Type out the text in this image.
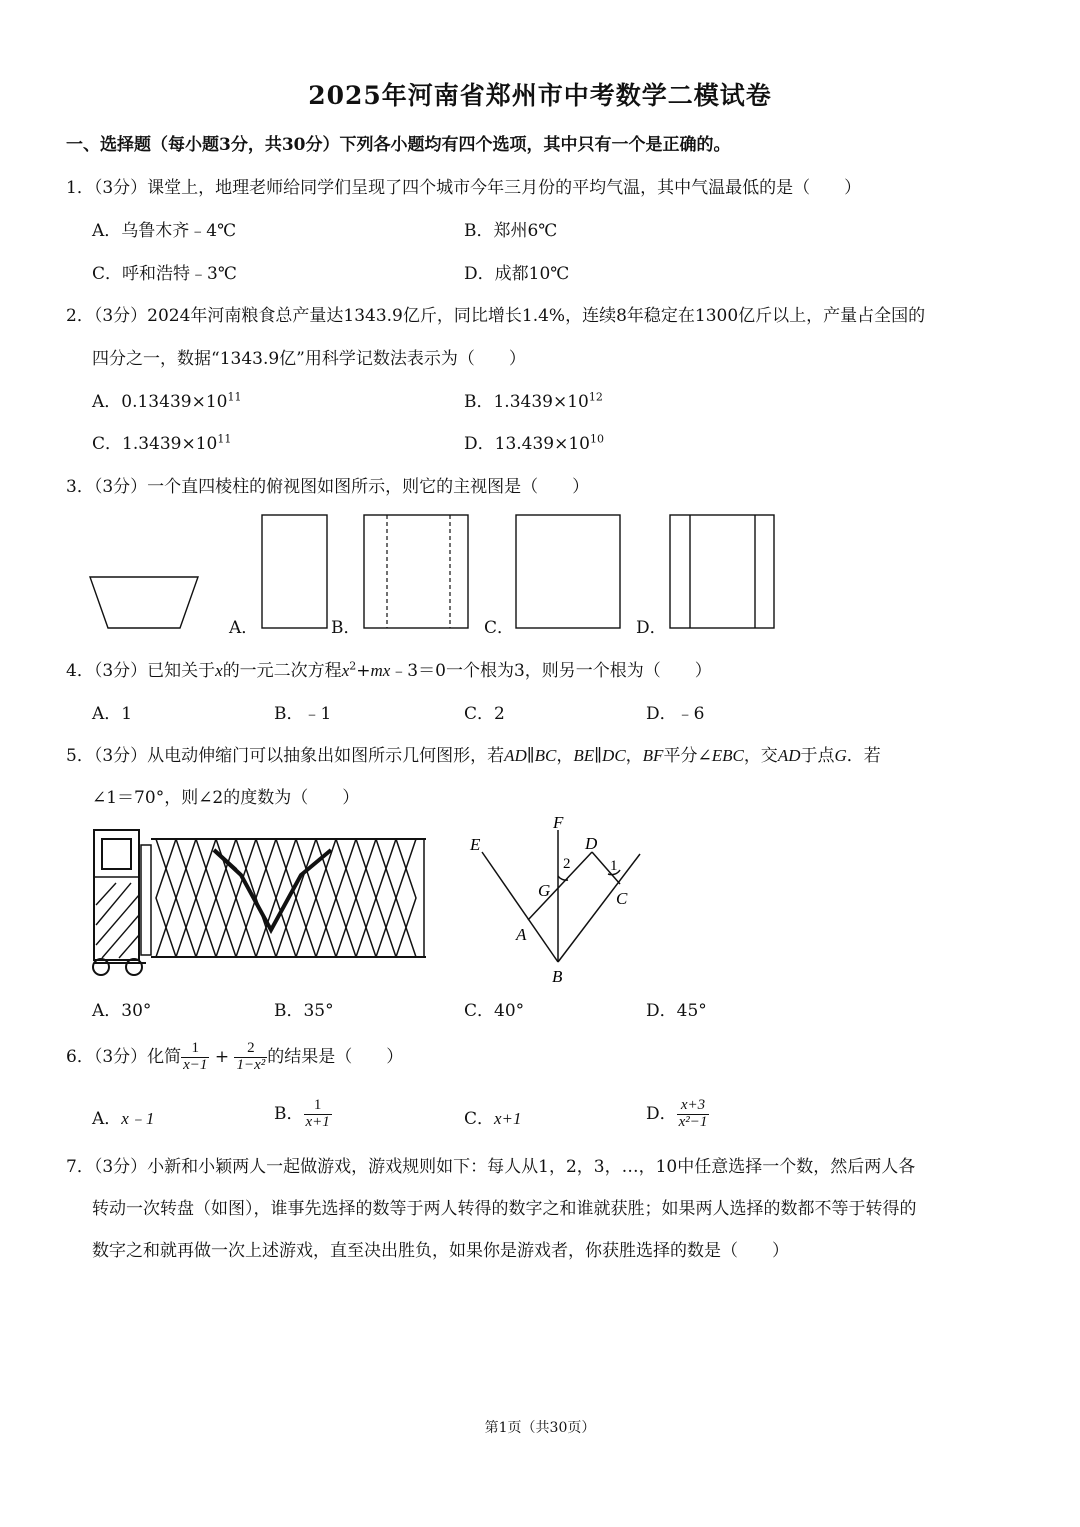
2025年河南省郑州市中考数学二模试卷
一、选择题（每小题3分，共30分）下列各小题均有四个选项，其中只有一个是正确的。
1．（3分）课堂上，地理老师给同学们呈现了四个城市今年三月份的平均气温，其中气温最低的是（　　）
A．乌鲁木齐﹣4℃	B．郑州6℃
C．呼和浩特﹣3℃	D．成都10℃
2．（3分）2024年河南粮食总产量达1343.9亿斤，同比增长1.4%，连续8年稳定在1300亿斤以上，产量占全国的
四分之一，数据“1343.9亿”用科学记数法表示为（　　）
A．$0.13439\times 10^{11}$	B．$1.3439\times 10^{12}$
C．$1.3439\times 10^{11}$	D．$13.439\times 10^{10}$
3．（3分）一个直四棱柱的俯视图如图所示，则它的主视图是（　　）
A．	B．	C．	D．
4．（3分）已知关于x的一元二次方程$x^2+mx﹣3=0$一个根为3，则另一个根为（　　）
A．1	B．﹣1	C．2	D．﹣6
5．（3分）从电动伸缩门可以抽象出如图所示几何图形，若AD∥BC，BE∥DC，BF平分∠EBC，交AD于点G．若
∠1＝70°，则∠2的度数为（　　）
E
F
D
2	1
G	C
A
B
A．30°	B．35°	C．40°	D．45°
6．（3分）化简 $\frac{1}{x-1} + \frac{2}{\text{1−x²}}$ 的结果是（　　）
A．x﹣1	B． $\frac{1}{x+1}$	C．x+1	D． $\frac{x+3}{\text{x²−1}}$
7．（3分）小新和小颖两人一起做游戏，游戏规则如下：每人从1，2，3，…，10中任意选择一个数，然后两人各
转动一次转盘（如图），谁事先选择的数等于两人转得的数字之和谁就获胜；如果两人选择的数都不等于转得的
数字之和就再做一次上述游戏，直至决出胜负，如果你是游戏者，你获胜选择的数是（　　）
第1页（共30页）
